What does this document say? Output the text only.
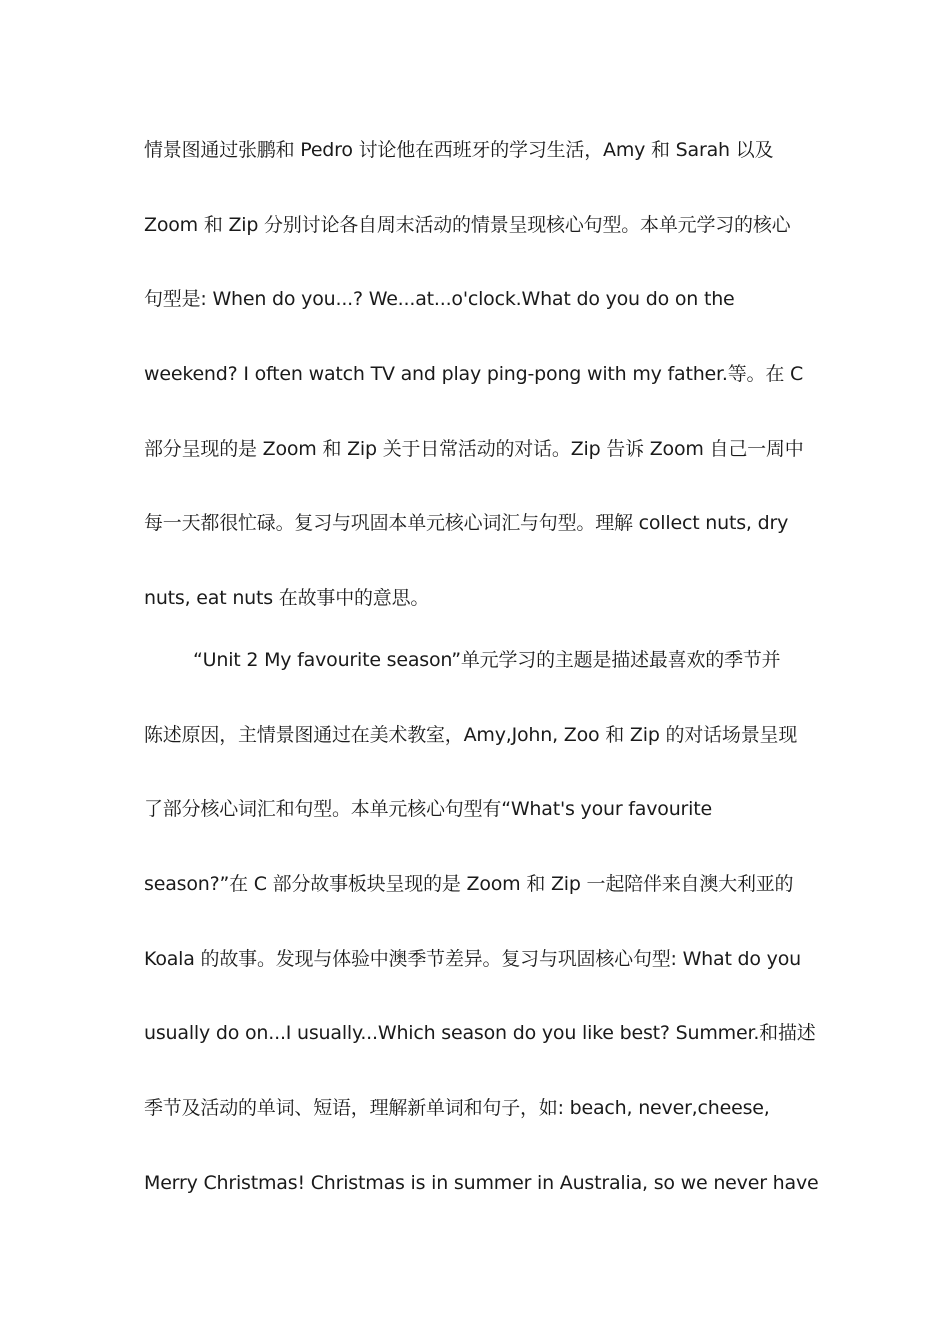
情景图通过张鹏和 Pedro 讨论他在西班牙的学习生活，Amy 和 Sarah 以及
Zoom 和 Zip 分别讨论各自周末活动的情景呈现核心句型。本单元学习的核心
句型是: When do you...? We...at...o'clock.What do you do on the
weekend? I often watch TV and play ping-pong with my father.等。在 C
部分呈现的是 Zoom 和 Zip 关于日常活动的对话。Zip 告诉 Zoom 自己一周中
每一天都很忙碌。复习与巩固本单元核心词汇与句型。理解 collect nuts, dry
nuts, eat nuts 在故事中的意思。
“Unit 2 My favourite season”单元学习的主题是描述最喜欢的季节并
陈述原因，主情景图通过在美术教室，Amy,John, Zoo 和 Zip 的对话场景呈现
了部分核心词汇和句型。本单元核心句型有“What's your favourite
season?”在 C 部分故事板块呈现的是 Zoom 和 Zip 一起陪伴来自澳大利亚的
Koala 的故事。发现与体验中澳季节差异。复习与巩固核心句型: What do you
usually do on...I usually...Which season do you like best? Summer.和描述
季节及活动的单词、短语，理解新单词和句子，如: beach, never,cheese,
Merry Christmas! Christmas is in summer in Australia, so we never have
